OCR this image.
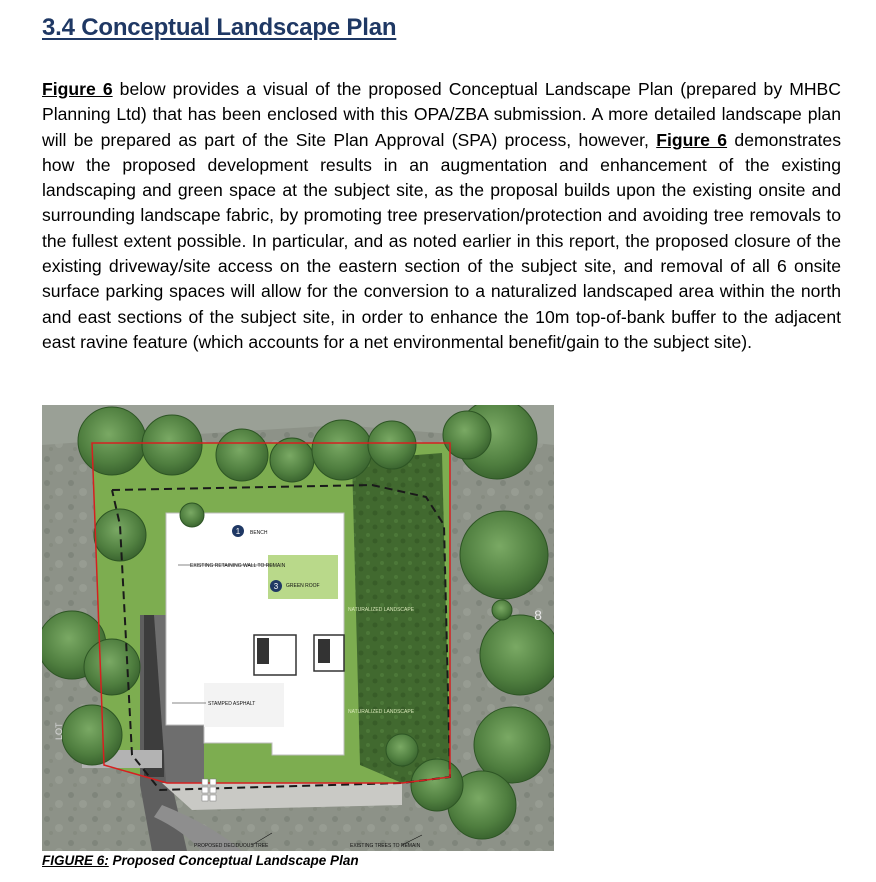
3.4 Conceptual Landscape Plan

Figure 6 below provides a visual of the proposed Conceptual Landscape Plan (prepared by MHBC Planning Ltd) that has been enclosed with this OPA/ZBA submission. A more detailed landscape plan will be prepared as part of the Site Plan Approval (SPA) process, however, Figure 6 demonstrates how the proposed development results in an augmentation and enhancement of the existing landscaping and green space at the subject site, as the proposal builds upon the existing onsite and surrounding landscape fabric, by promoting tree preservation/protection and avoiding tree removals to the fullest extent possible. In particular, and as noted earlier in this report, the proposed closure of the existing driveway/site access on the eastern section of the subject site, and removal of all 6 onsite surface parking spaces will allow for the conversion to a naturalized landscaped area within the north and east sections of the subject site, in order to enhance the 10m top-of-bank buffer to the adjacent east ravine feature (which accounts for a net environmental benefit/gain to the subject site).

1
3
BENCH
EXISTING RETAINING WALL TO REMAIN
GREEN ROOF
NATURALIZED LANDSCAPE
NATURALIZED LANDSCAPE
STAMPED ASPHALT
PROPOSED DECIDUOUS TREE	EXISTING TREES TO REMAIN
8
LOT
FIGURE 6: Proposed Conceptual Landscape Plan
